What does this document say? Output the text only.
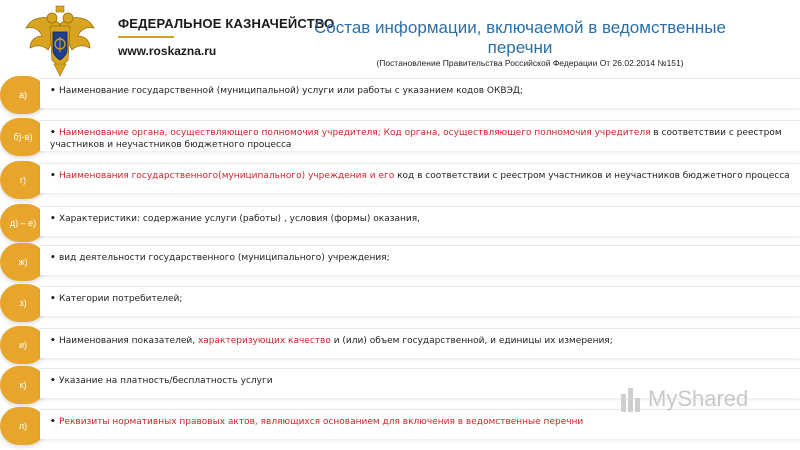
ФЕДЕРАЛЬНОЕ КАЗНАЧЕЙСТВО
www.roskazna.ru
Состав информации, включаемой в ведомственные перечни
(Постановление Правительства Российской Федерации От 26.02.2014 №151)
а)	• Наименование государственной (муниципальной) услуги или работы с указанием кодов ОКВЭД;
б)-в)	• Наименование органа, осуществляющего полномочия учредителя; Код органа, осуществляющего полномочия учредителя в соответствии с реестром участников и неучастников бюджетного процесса
г)	• Наименования государственного(муниципального) учреждения и его код в соответствии с реестром участников и неучастников бюджетного процесса
д) – е)	• Характеристики: содержание услуги (работы) , условия (формы) оказания,
ж)	• вид деятельности государственного (муниципального) учреждения;
з)	• Категории потребителей;
и)	• Наименования показателей, характеризующих качество и (или) объем государственной, и единицы их измерения;
к)	• Указание на платность/бесплатность услуги
л)	• Реквизиты нормативных правовых актов, являющихся основанием для включения в ведомственные перечни
MyShared
